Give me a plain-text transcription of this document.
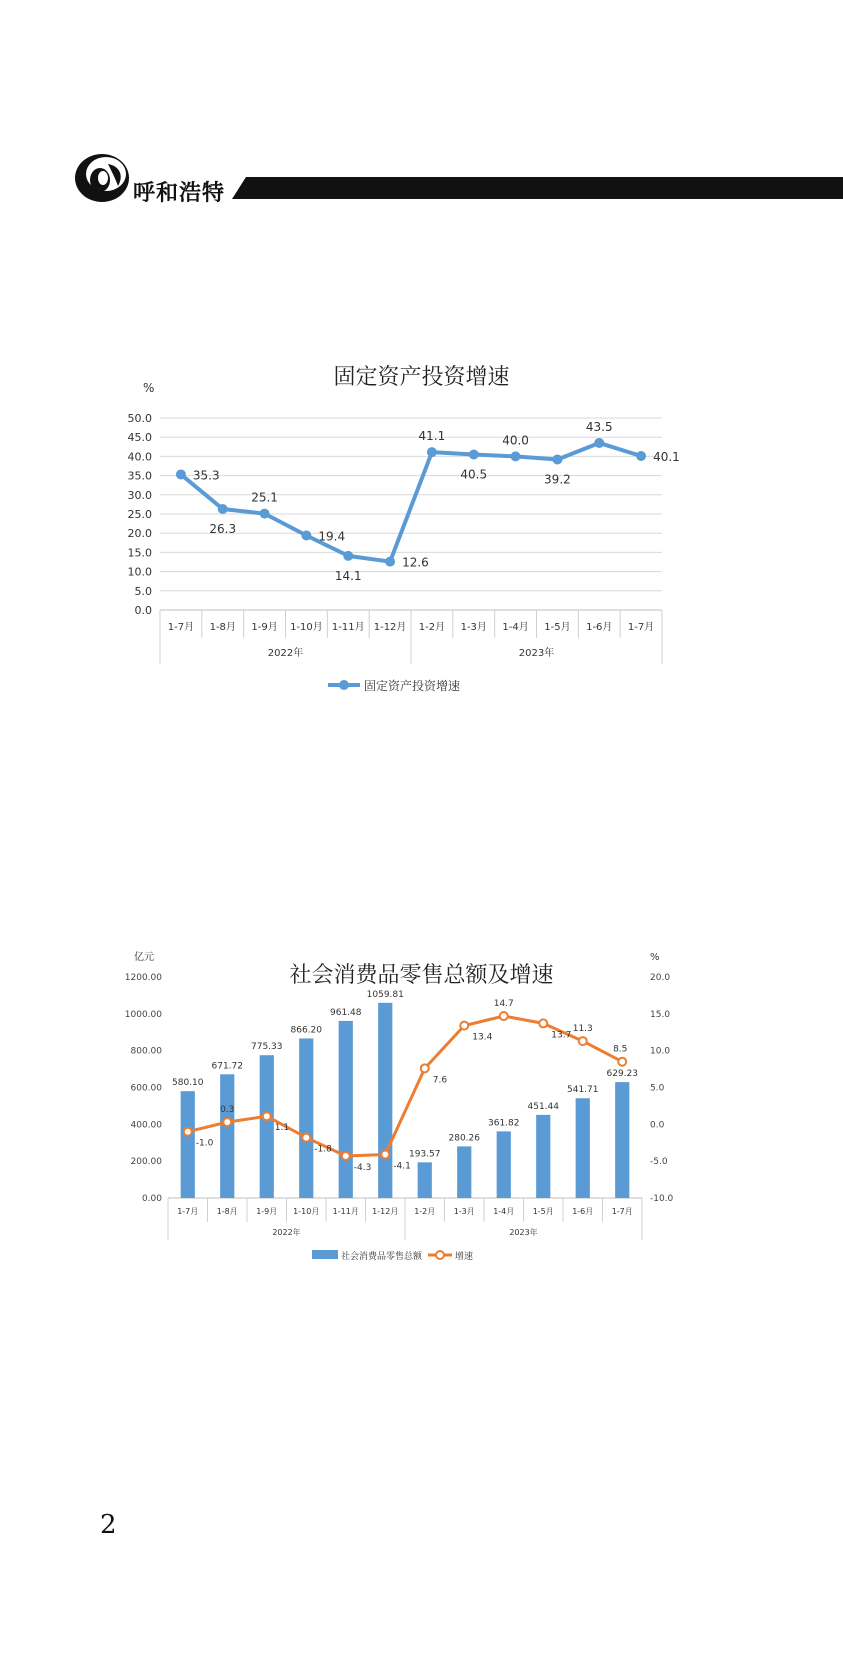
呼和浩特
固定资产投资增速
%
0.0
5.0
10.0
15.0
20.0
25.0
30.0
35.0
40.0
45.0
50.0
1-7月 1-8月 1-9月 1-10月 1-11月 1-12月 1-2月 1-3月 1-4月 1-5月 1-6月 1-7月
2022年	2023年
35.3
26.3
25.1
19.4
14.1
12.6
41.1
40.5
40.0
39.2
43.5
40.1
固定资产投资增速
社会消费品零售总额及增速
亿元	%
0.00
200.00
400.00
600.00
800.00
1000.00
1200.00
-10.0
-5.0
0.0
5.0
10.0
15.0
20.0
1-7月 1-8月 1-9月 1-10月 1-11月 1-12月 1-2月 1-3月 1-4月 1-5月 1-6月 1-7月
2022年	2023年
580.10
671.72
775.33
866.20
961.48
1059.81
193.57
280.26
361.82
451.44
541.71
629.23
-1.0
0.3
1.1
-1.8
-4.3 -4.1
7.6
13.4
14.7
13.7
11.3
8.5
社会消费品零售总额	增速
2
